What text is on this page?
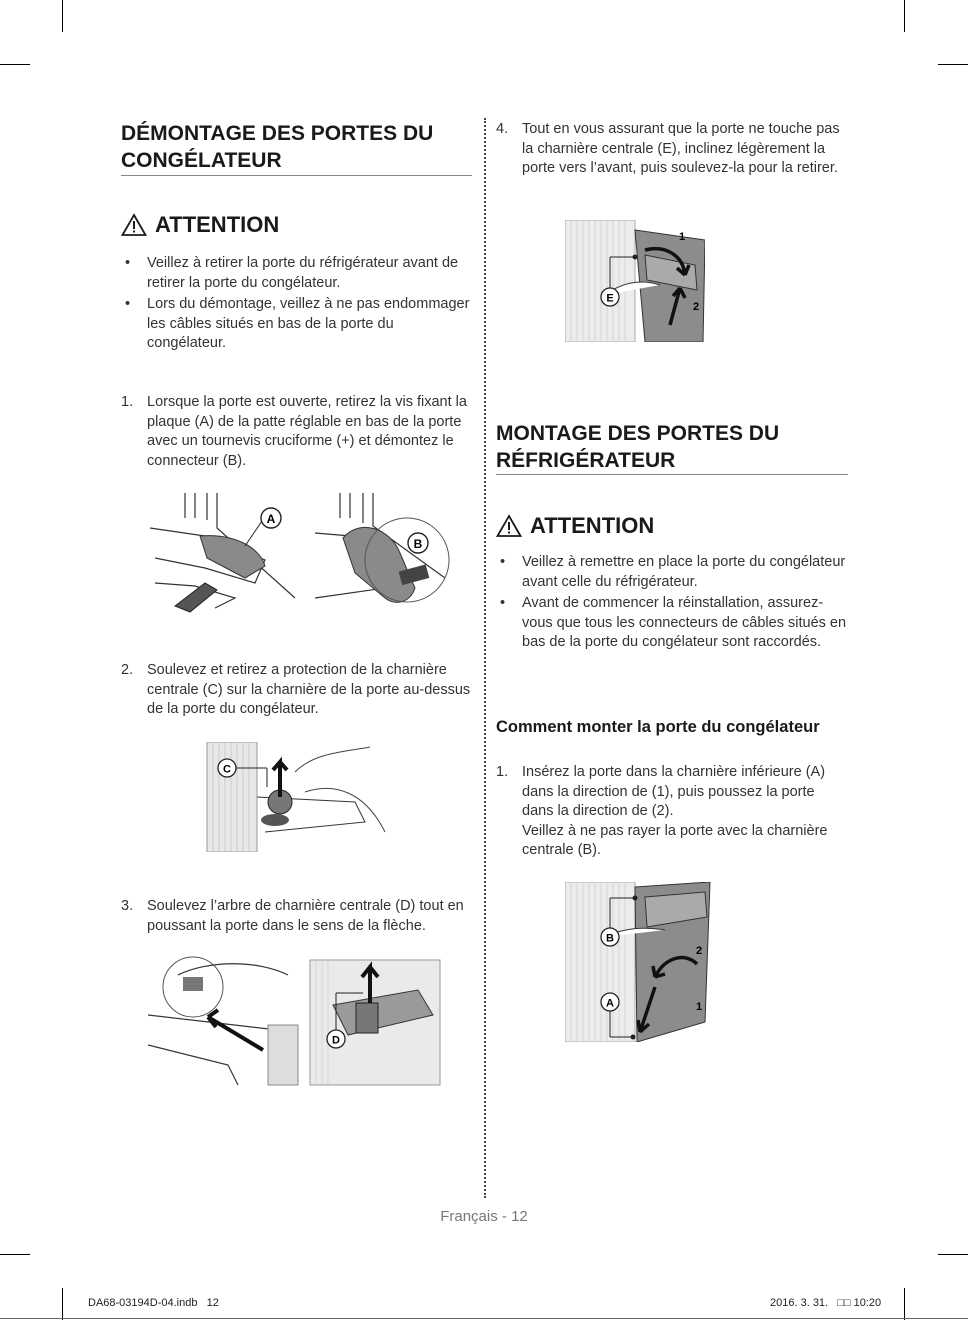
DÉMONTAGE DES PORTES DU
CONGÉLATEUR
ATTENTION
• Veillez à retirer la porte du réfrigérateur avant de retirer la porte du congélateur.
• Lors du démontage, veillez à ne pas endommager les câbles situés en bas de la porte du congélateur.
1. Lorsque la porte est ouverte, retirez la vis fixant la plaque (A) de la patte réglable en bas de la porte avec un tournevis cruciforme (+) et démontez le connecteur (B).
A
B
2. Soulevez et retirez a protection de la charnière centrale (C) sur la charnière de la porte au-dessus de la porte du congélateur.
C
3. Soulevez l’arbre de charnière centrale (D) tout en poussant la porte dans le sens de la flèche.
D
4. Tout en vous assurant que la porte ne touche pas la charnière centrale (E), inclinez légèrement la porte vers l’avant, puis soulevez-la pour la retirer.
E
1
2
MONTAGE DES PORTES DU
RÉFRIGÉRATEUR
ATTENTION
• Veillez à remettre en place la porte du congélateur avant celle du réfrigérateur.
• Avant de commencer la réinstallation, assurez-vous que tous les connecteurs de câbles situés en bas de la porte du congélateur sont raccordés.
Comment monter la porte du congélateur
1. Insérez la porte dans la charnière inférieure (A) dans la direction de (1), puis poussez la porte dans la direction de (2).
Veillez à ne pas rayer la porte avec la charnière centrale (B).
B
A
2
1
Français - 12
DA68-03194D-04.indb   12	2016. 3. 31.   □□ 10:20
